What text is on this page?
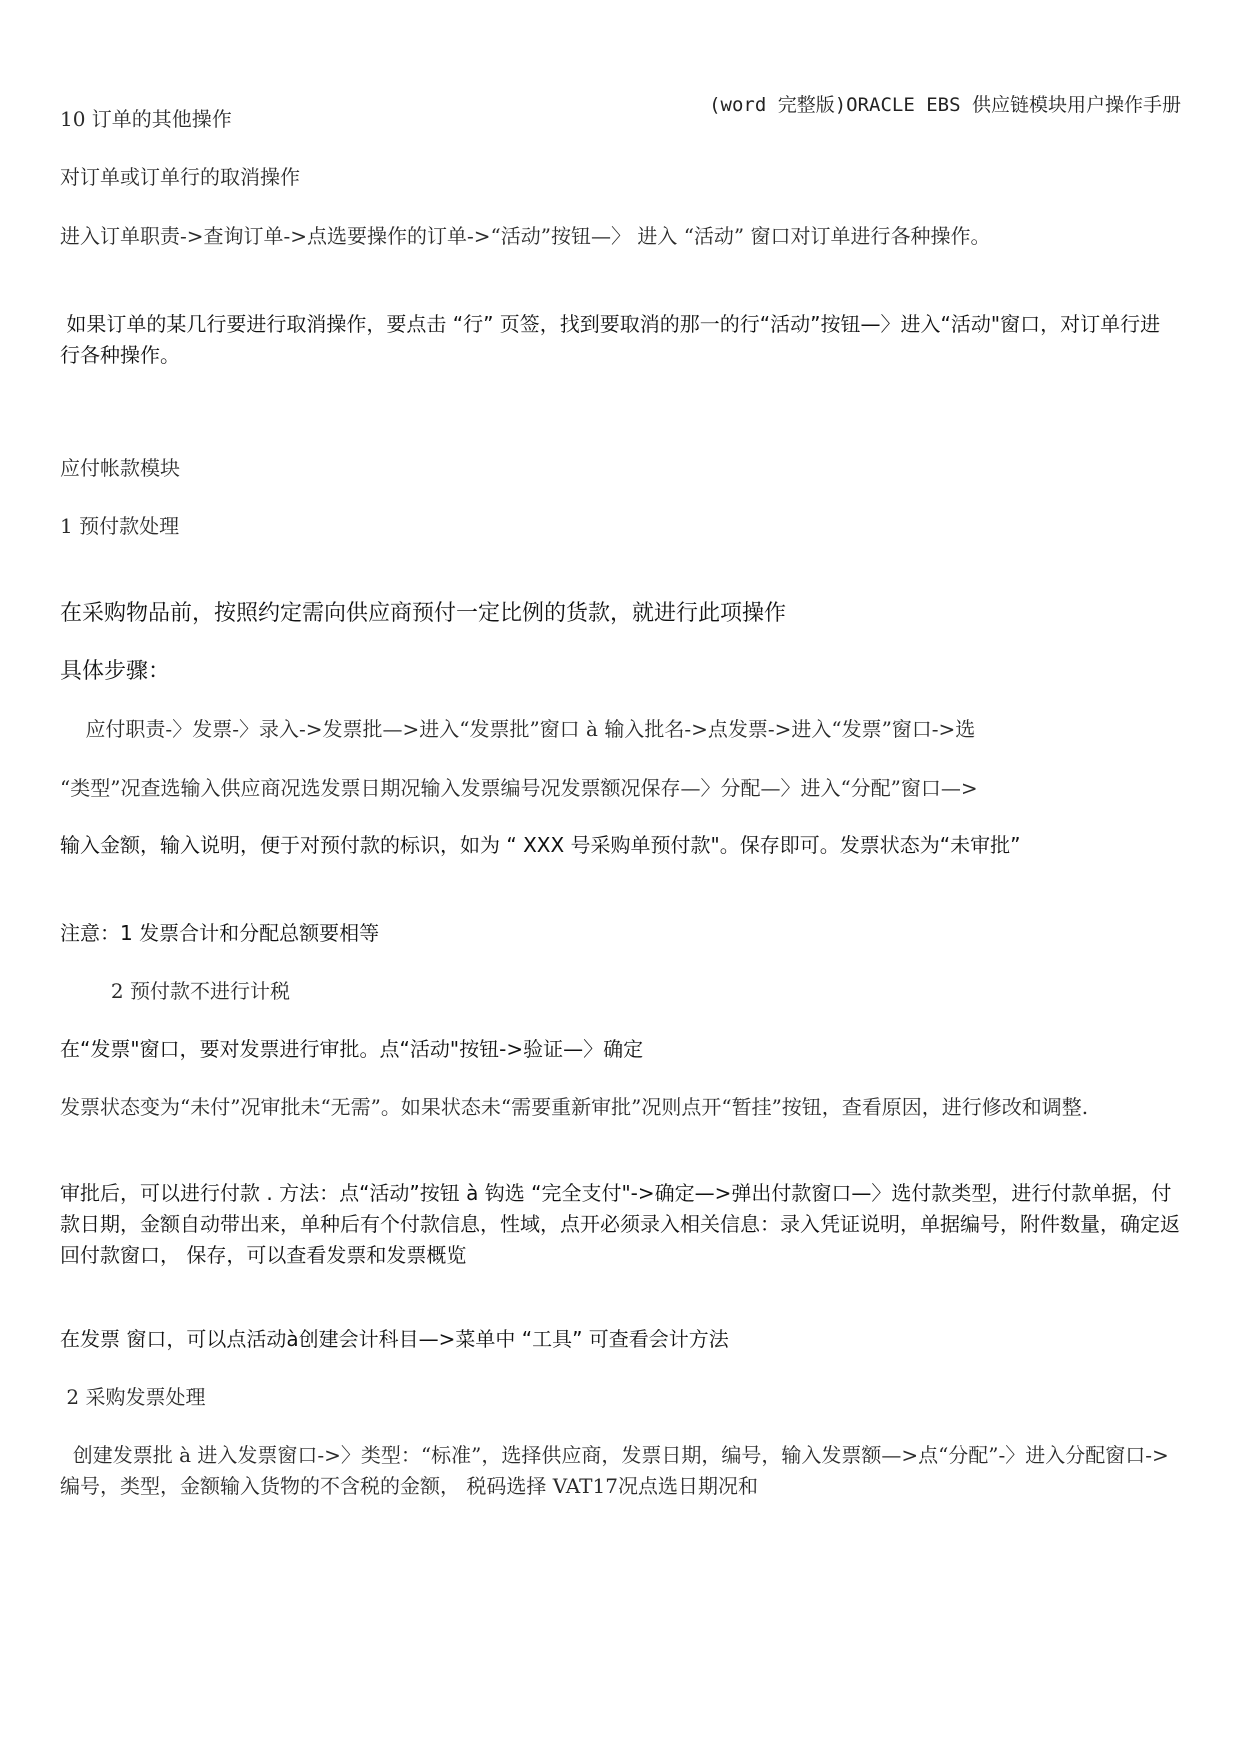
(word 完整版)ORACLE EBS 供应链模块用户操作手册
10 订单的其他操作
对订单或订单行的取消操作
进入订单职责->查询订单->点选要操作的订单->“活动”按钮—〉 进入 “活动” 窗口对订单进行各种操作。
如果订单的某几行要进行取消操作，要点击 “行” 页签，找到要取消的那一的行“活动”按钮—〉进入“活动"窗口，对订单行进行各种操作。
应付帐款模块
1 预付款处理
在采购物品前，按照约定需向供应商预付一定比例的货款，就进行此项操作
具体步骤：
应付职责-〉发票-〉录入->发票批—>进入“发票批”窗口 à 输入批名->点发票->进入“发票”窗口->选
“类型”况查选输入供应商况选发票日期况输入发票编号况发票额况保存—〉分配—〉进入“分配”窗口—>
输入金额，输入说明，便于对预付款的标识，如为 “ XXX 号采购单预付款"。保存即可。发票状态为“未审批”
注意：1 发票合计和分配总额要相等
2 预付款不进行计税
在“发票"窗口，要对发票进行审批。点“活动"按钮->验证—〉确定
发票状态变为“未付”况审批未“无需”。如果状态未“需要重新审批”况则点开“暂挂”按钮，查看原因，进行修改和调整.
审批后，可以进行付款 . 方法：点“活动”按钮 à 钩选 “完全支付"->确定—>弹出付款窗口—〉选付款类型，进行付款单据，付款日期，金额自动带出来，单种后有个付款信息，性域，点开必须录入相关信息：录入凭证说明，单据编号，附件数量，确定返回付款窗口， 保存，可以查看发票和发票概览
在发票 窗口，可以点活动à创建会计科目—>菜单中 “工具” 可查看会计方法
2 采购发票处理
创建发票批 à 进入发票窗口->〉类型：“标准”，选择供应商，发票日期，编号，输入发票额—>点“分配”-〉进入分配窗口->编号，类型，金额输入货物的不含税的金额， 税码选择 VAT17况点选日期况和
